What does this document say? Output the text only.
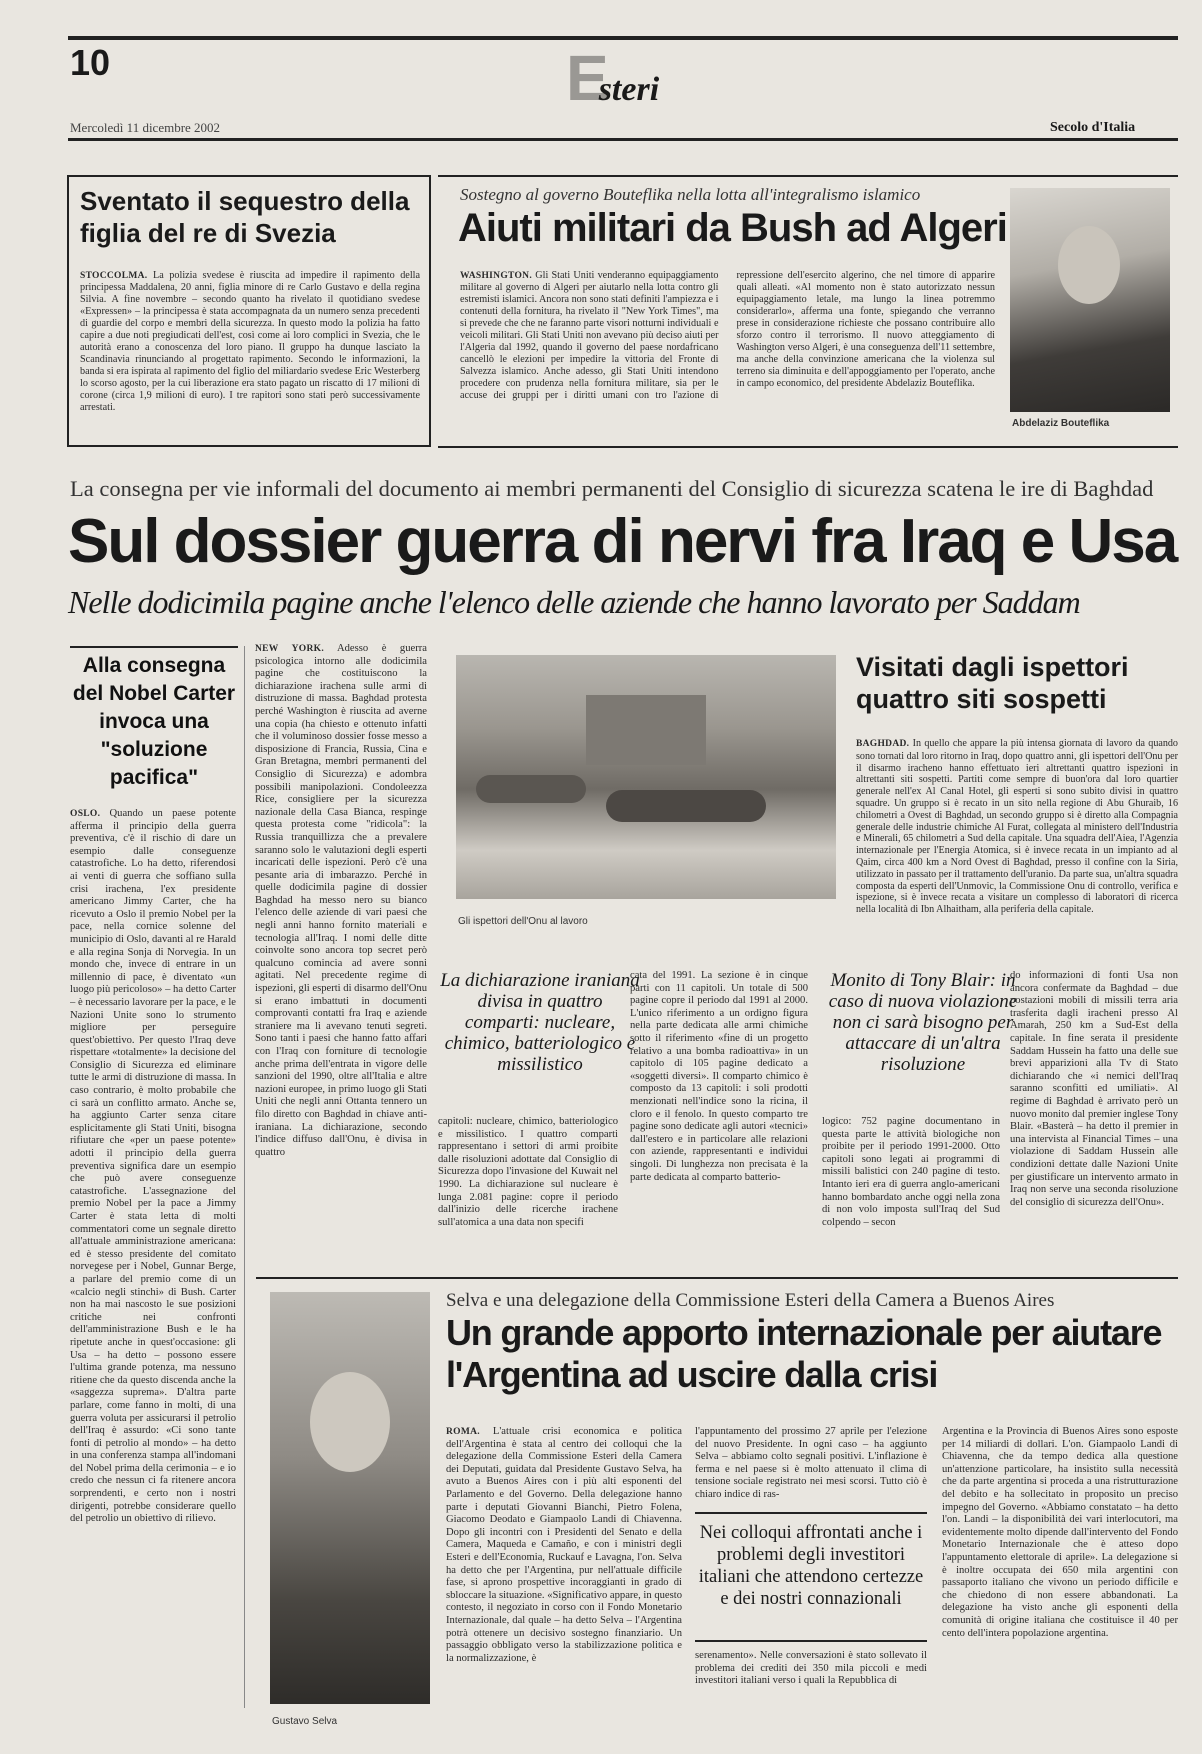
10	Esteri
Mercoledì 11 dicembre 2002	Secolo d'Italia
Sventato il sequestro della figlia del re di Svezia
STOCCOLMA. La polizia svedese è riuscita ad impedire il rapimento della principessa Maddalena, 20 anni, figlia minore di re Carlo Gustavo e della regina Silvia. A fine novembre – secondo quanto ha rivelato il quotidiano svedese «Expressen» – la principessa è stata accompagnata da un numero senza precedenti di guardie del corpo e membri della sicurezza. In questo modo la polizia ha fatto capire a due noti pregiudicati dell'est, così come ai loro complici in Svezia, che le autorità erano a conoscenza del loro piano. Il gruppo ha dunque lasciato la Scandinavia rinunciando al progettato rapimento. Secondo le informazioni, la banda si era ispirata al rapimento del figlio del miliardario svedese Eric Westerberg lo scorso agosto, per la cui liberazione era stato pagato un riscatto di 17 milioni di corone (circa 1,9 milioni di euro). I tre rapitori sono stati però successivamente arrestati.
Sostegno al governo Bouteflika nella lotta all'integralismo islamico
Aiuti militari da Bush ad Algeri
WASHINGTON. Gli Stati Uniti venderanno equipaggiamento militare al governo di Algeri per aiutarlo nella lotta contro gli estremisti islamici. Ancora non sono stati definiti l'ampiezza e i contenuti della fornitura, ha rivelato il "New York Times", ma si prevede che che ne faranno parte visori notturni individuali e veicoli militari. Gli Stati Uniti non avevano più deciso aiuti per l'Algeria dal 1992, quando il governo del paese nordafricano cancellò le elezioni per impedire la vittoria del Fronte di Salvezza islamico. Anche adesso, gli Stati Uniti intendono procedere con prudenza nella fornitura militare, sia per le accuse dei gruppi per i diritti umani con tro l'azione di repressione dell'esercito algerino, che nel timore di apparire quali alleati. «Al momento non è stato autorizzato nessun equipaggiamento letale, ma lungo la linea potremmo considerarlo», afferma una fonte, spiegando che verranno prese in considerazione richieste che possano contribuire allo sforzo contro il terrorismo. Il nuovo atteggiamento di Washington verso Algeri, è una conseguenza dell'11 settembre, ma anche della convinzione americana che la violenza sul terreno sia diminuita e dell'appoggiamento per l'operato, anche in campo economico, del presidente Abdelaziz Bouteflika.
Abdelaziz Bouteflika
La consegna per vie informali del documento ai membri permanenti del Consiglio di sicurezza scatena le ire di Baghdad
Sul dossier guerra di nervi fra Iraq e Usa
Nelle dodicimila pagine anche l'elenco delle aziende che hanno lavorato per Saddam
Alla consegna del Nobel Carter invoca una "soluzione pacifica"
OSLO. Quando un paese potente afferma il principio della guerra preventiva, c'è il rischio di dare un esempio dalle conseguenze catastrofiche. Lo ha detto, riferendosi ai venti di guerra che soffiano sulla crisi irachena, l'ex presidente americano Jimmy Carter, che ha ricevuto a Oslo il premio Nobel per la pace, nella cornice solenne del municipio di Oslo, davanti al re Harald e alla regina Sonja di Norvegia. In un mondo che, invece di entrare in un millennio di pace, è diventato «un luogo più pericoloso» – ha detto Carter – è necessario lavorare per la pace, e le Nazioni Unite sono lo strumento migliore per perseguire quest'obiettivo. Per questo l'Iraq deve rispettare «totalmente» la decisione del Consiglio di Sicurezza ed eliminare tutte le armi di distruzione di massa. In caso contrario, è molto probabile che ci sarà un conflitto armato. Anche se, ha aggiunto Carter senza citare esplicitamente gli Stati Uniti, bisogna rifiutare che «per un paese potente» adotti il principio della guerra preventiva significa dare un esempio che può avere conseguenze catastrofiche. L'assegnazione del premio Nobel per la pace a Jimmy Carter è stata letta di molti commentatori come un segnale diretto all'attuale amministrazione americana: ed è stesso presidente del comitato norvegese per i Nobel, Gunnar Berge, a parlare del premio come di un «calcio negli stinchi» di Bush. Carter non ha mai nascosto le sue posizioni critiche nei confronti dell'amministrazione Bush e le ha ripetute anche in quest'occasione: gli Usa – ha detto – possono essere l'ultima grande potenza, ma nessuno ritiene che da questo discenda anche la «saggezza suprema». D'altra parte parlare, come fanno in molti, di una guerra voluta per assicurarsi il petrolio dell'Iraq è assurdo: «Ci sono tante fonti di petrolio al mondo» – ha detto in una conferenza stampa all'indomani del Nobel prima della cerimonia – e io credo che nessun ci fa ritenere ancora sorprendenti, e certo non i nostri dirigenti, potrebbe considerare quello del petrolio un obiettivo di rilievo.
NEW YORK. Adesso è guerra psicologica intorno alle dodicimila pagine che costituiscono la dichiarazione irachena sulle armi di distruzione di massa. Baghdad protesta perché Washington è riuscita ad averne una copia (ha chiesto e ottenuto infatti che il voluminoso dossier fosse messo a disposizione di Francia, Russia, Cina e Gran Bretagna, membri permanenti del Consiglio di Sicurezza) e adombra possibili manipolazioni. Condoleezza Rice, consigliere per la sicurezza nazionale della Casa Bianca, respinge questa protesta come "ridicola": la Russia tranquillizza che a prevalere saranno solo le valutazioni degli esperti incaricati delle ispezioni. Però c'è una pesante aria di imbarazzo. Perché in quelle dodicimila pagine di dossier Baghdad ha messo nero su bianco l'elenco delle aziende di vari paesi che negli anni hanno fornito materiali e tecnologia all'Iraq. I nomi delle ditte coinvolte sono ancora top secret però qualcuno comincia ad avere sonni agitati. Nel precedente regime di ispezioni, gli esperti di disarmo dell'Onu si erano imbattuti in documenti comprovanti contatti fra Iraq e aziende straniere ma li avevano tenuti segreti. Sono tanti i paesi che hanno fatto affari con l'Iraq con forniture di tecnologie anche prima dell'entrata in vigore delle sanzioni del 1990, oltre all'Italia e altre nazioni europee, in primo luogo gli Stati Uniti che negli anni Ottanta tennero un filo diretto con Baghdad in chiave anti-iraniana. La dichiarazione, secondo l'indice diffuso dall'Onu, è divisa in quattro
Gli ispettori dell'Onu al lavoro
Visitati dagli ispettori quattro siti sospetti
BAGHDAD. In quello che appare la più intensa giornata di lavoro da quando sono tornati dal loro ritorno in Iraq, dopo quattro anni, gli ispettori dell'Onu per il disarmo iracheno hanno effettuato ieri altrettanti quattro ispezioni in altrettanti siti sospetti. Partiti come sempre di buon'ora dal loro quartier generale nell'ex Al Canal Hotel, gli esperti si sono subito divisi in quattro squadre. Un gruppo si è recato in un sito nella regione di Abu Ghuraib, 16 chilometri a Ovest di Baghdad, un secondo gruppo si è diretto alla Compagnia generale delle industrie chimiche Al Furat, collegata al ministero dell'Industria e Minerali, 65 chilometri a Sud della capitale. Una squadra dell'Aiea, l'Agenzia internazionale per l'Energia Atomica, si è invece recata in un impianto ad al Qaim, circa 400 km a Nord Ovest di Baghdad, presso il confine con la Siria, utilizzato in passato per il trattamento dell'uranio. Da parte sua, un'altra squadra composta da esperti dell'Unmovic, la Commissione Onu di controllo, verifica e ispezione, si è invece recata a visitare un complesso di laboratori di ricerca nella località di Ibn Alhaitham, alla periferia della capitale.
La dichiarazione iraniana divisa in quattro comparti: nucleare, chimico, batteriologico e missilistico
capitoli: nucleare, chimico, batteriologico e missilistico. I quattro comparti rappresentano i settori di armi proibite dalle risoluzioni adottate dal Consiglio di Sicurezza dopo l'invasione del Kuwait nel 1990. La dichiarazione sul nucleare è lunga 2.081 pagine: copre il periodo dall'inizio delle ricerche irachene sull'atomica a una data non specifi
cata del 1991. La sezione è in cinque parti con 11 capitoli. Un totale di 500 pagine copre il periodo dal 1991 al 2000. L'unico riferimento a un ordigno figura nella parte dedicata alle armi chimiche sotto il riferimento «fine di un progetto relativo a una bomba radioattiva» in un capitolo di 105 pagine dedicato a «soggetti diversi». Il comparto chimico è composto da 13 capitoli: i soli prodotti menzionati nell'indice sono la ricina, il cloro e il fenolo. In questo comparto tre pagine sono dedicate agli autori «tecnici» dall'estero e in particolare alle relazioni con aziende, rappresentanti e individui singoli. Di lunghezza non precisata è la parte dedicata al comparto batterio-
Monito di Tony Blair: in caso di nuova violazione non ci sarà bisogno per attaccare di un'altra risoluzione
logico: 752 pagine documentano in questa parte le attività biologiche non proibite per il periodo 1991-2000. Otto capitoli sono legati ai programmi di missili balistici con 240 pagine di testo. Intanto ieri era di guerra anglo-americani hanno bombardato anche oggi nella zona di non volo imposta sull'Iraq del Sud colpendo – secon
do informazioni di fonti Usa non ancora confermate da Baghdad – due postazioni mobili di missili terra aria trasferita dagli iracheni presso Al Amarah, 250 km a Sud-Est della capitale. In fine serata il presidente Saddam Hussein ha fatto una delle sue brevi apparizioni alla Tv di Stato dichiarando che «i nemici dell'Iraq saranno sconfitti ed umiliati». Al regime di Baghdad è arrivato però un nuovo monito dal premier inglese Tony Blair. «Basterà – ha detto il premier in una intervista al Financial Times – una violazione di Saddam Hussein alle condizioni dettate dalle Nazioni Unite per giustificare un intervento armato in Iraq non serve una seconda risoluzione del consiglio di sicurezza dell'Onu».
Selva e una delegazione della Commissione Esteri della Camera a Buenos Aires
Un grande apporto internazionale per aiutare l'Argentina ad uscire dalla crisi
Gustavo Selva
ROMA. L'attuale crisi economica e politica dell'Argentina è stata al centro dei colloqui che la delegazione della Commissione Esteri della Camera dei Deputati, guidata dal Presidente Gustavo Selva, ha avuto a Buenos Aires con i più alti esponenti del Parlamento e del Governo. Della delegazione hanno parte i deputati Giovanni Bianchi, Pietro Folena, Giacomo Deodato e Giampaolo Landi di Chiavenna. Dopo gli incontri con i Presidenti del Senato e della Camera, Maqueda e Camaño, e con i ministri degli Esteri e dell'Economia, Ruckauf e Lavagna, l'on. Selva ha detto che per l'Argentina, pur nell'attuale difficile fase, si aprono prospettive incoraggianti in grado di sbloccare la situazione. «Significativo appare, in questo contesto, il negoziato in corso con il Fondo Monetario Internazionale, dal quale – ha detto Selva – l'Argentina potrà ottenere un decisivo sostegno finanziario. Un passaggio obbligato verso la stabilizzazione politica e la normalizzazione, è
l'appuntamento del prossimo 27 aprile per l'elezione del nuovo Presidente. In ogni caso – ha aggiunto Selva – abbiamo colto segnali positivi. L'inflazione è ferma e nel paese si è molto attenuato il clima di tensione sociale registrato nei mesi scorsi. Tutto ciò è chiaro indice di ras-
Nei colloqui affrontati anche i problemi degli investitori italiani che attendono certezze e dei nostri connazionali
serenamento». Nelle conversazioni è stato sollevato il problema dei crediti dei 350 mila piccoli e medi investitori italiani verso i quali la Repubblica di
Argentina e la Provincia di Buenos Aires sono esposte per 14 miliardi di dollari. L'on. Giampaolo Landi di Chiavenna, che da tempo dedica alla questione un'attenzione particolare, ha insistito sulla necessità che da parte argentina si proceda a una ristrutturazione del debito e ha sollecitato in proposito un preciso impegno del Governo. «Abbiamo constatato – ha detto l'on. Landi – la disponibilità dei vari interlocutori, ma evidentemente molto dipende dall'intervento del Fondo Monetario Internazionale che è atteso dopo l'appuntamento elettorale di aprile». La delegazione si è inoltre occupata dei 650 mila argentini con passaporto italiano che vivono un periodo difficile e che chiedono di non essere abbandonati. La delegazione ha visto anche gli esponenti della comunità di origine italiana che costituisce il 40 per cento dell'intera popolazione argentina.
